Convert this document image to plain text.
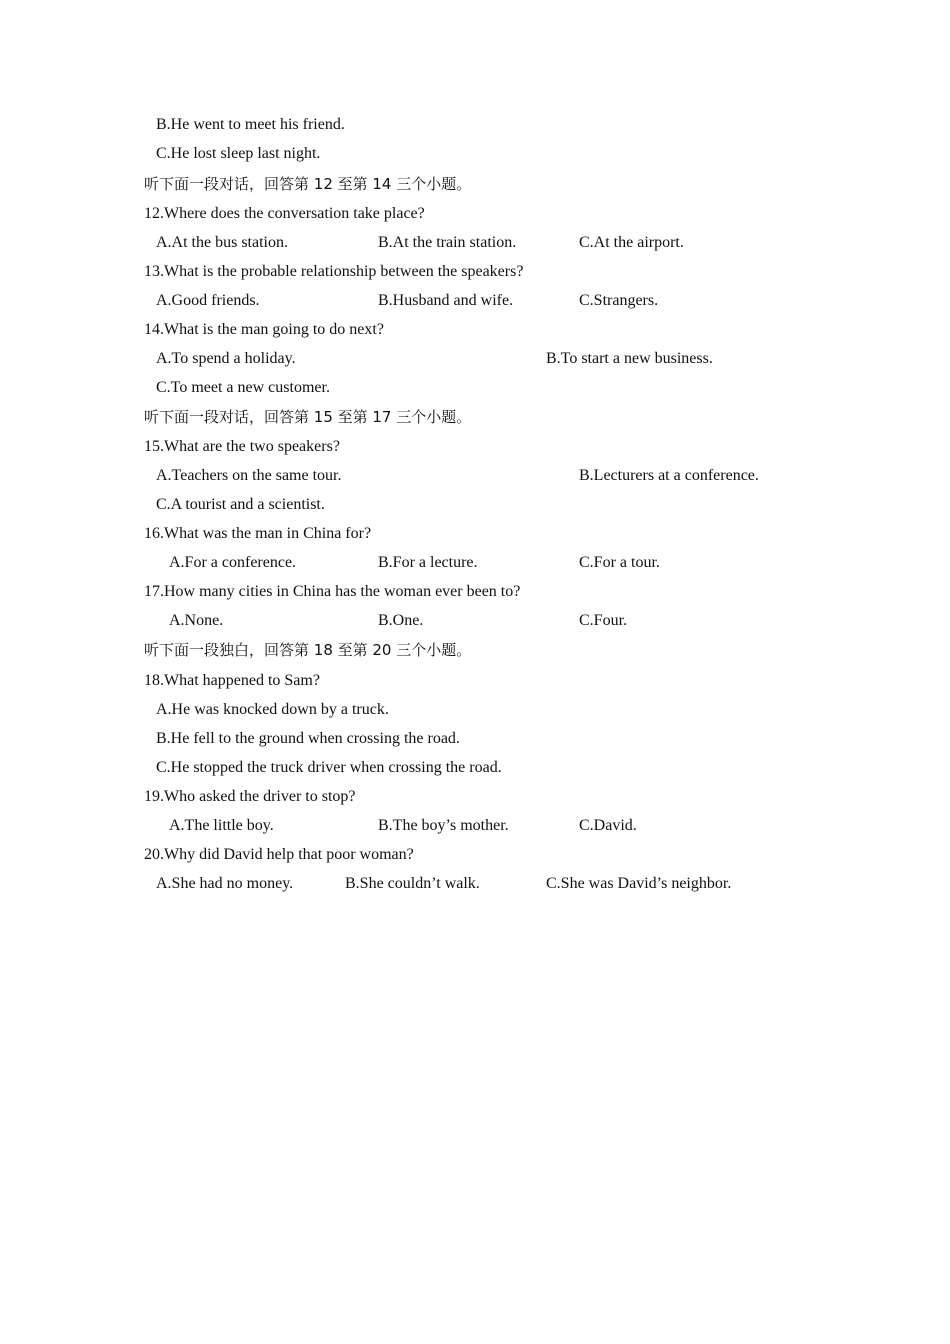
B.He went to meet his friend.
C.He lost sleep last night.
听下面一段对话，回答第 12 至第 14 三个小题。
12.Where does the conversation take place?
A.At the bus station.	B.At the train station.	C.At the airport.
13.What is the probable relationship between the speakers?
A.Good friends.	B.Husband and wife.	C.Strangers.
14.What is the man going to do next?
A.To spend a holiday.	B.To start a new business.
C.To meet a new customer.
听下面一段对话，回答第 15 至第 17 三个小题。
15.What are the two speakers?
A.Teachers on the same tour.	B.Lecturers at a conference.
C.A tourist and a scientist.
16.What was the man in China for?
A.For a conference.	B.For a lecture.	C.For a tour.
17.How many cities in China has the woman ever been to?
A.None.	B.One.	C.Four.
听下面一段独白，回答第 18 至第 20 三个小题。
18.What happened to Sam?
A.He was knocked down by a truck.
B.He fell to the ground when crossing the road.
C.He stopped the truck driver when crossing the road.
19.Who asked the driver to stop?
A.The little boy.	B.The boy’s mother.	C.David.
20.Why did David help that poor woman?
A.She had no money.	B.She couldn’t walk.	C.She was David’s neighbor.
